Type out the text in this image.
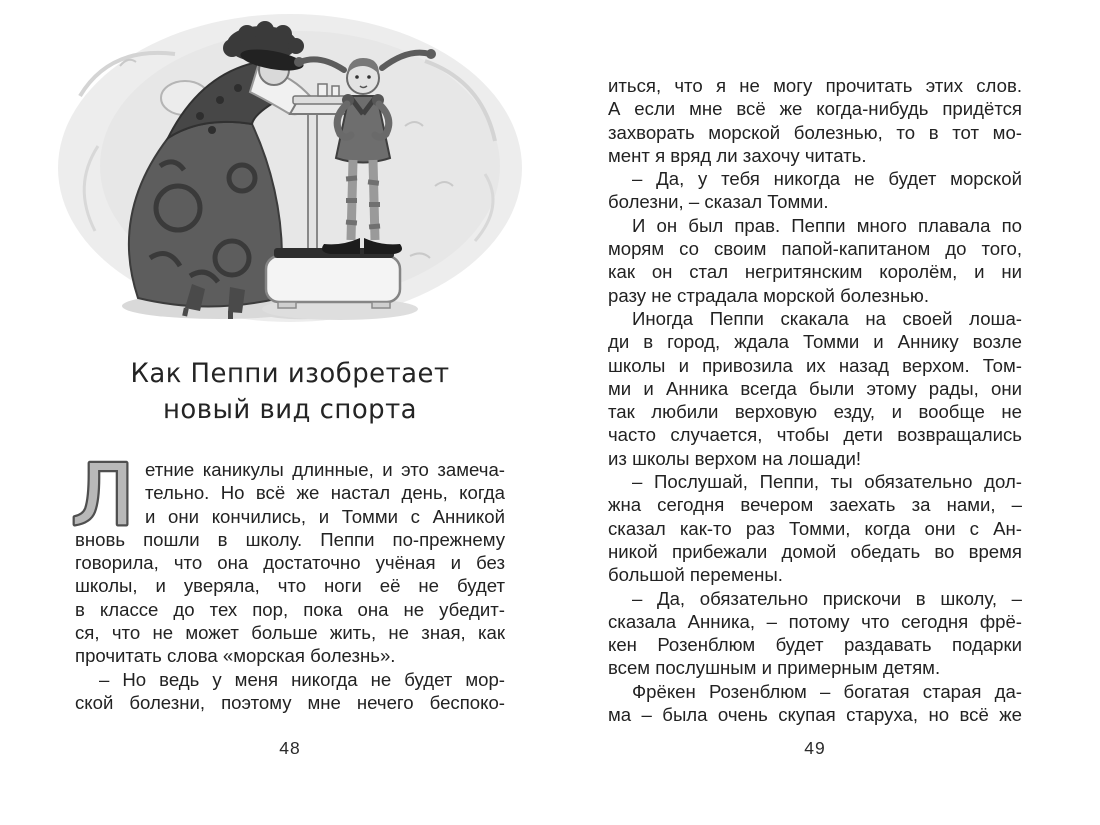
Как Пеппи изобретает
новый вид спорта
Л етние каникулы длинные, и это замеча-
тельно. Но всё же настал день, когда
и они кончились, и Томми с Анникой
вновь пошли в школу. Пеппи по-прежнему
говорила, что она достаточно учёная и без
школы, и уверяла, что ноги её не будет
в классе до тех пор, пока она не убедит-
ся, что не может больше жить, не зная, как
прочитать слова «морская болезнь».
– Но ведь у меня никогда не будет мор-
ской болезни, поэтому мне нечего беспоко-
48
иться, что я не могу прочитать этих слов.
А если мне всё же когда-нибудь придётся
захворать морской болезнью, то в тот мо-
мент я вряд ли захочу читать.
– Да, у тебя никогда не будет морской
болезни, – сказал Томми.
И он был прав. Пеппи много плавала по
морям со своим папой-капитаном до того,
как он стал негритянским королём, и ни
разу не страдала морской болезнью.
Иногда Пеппи скакала на своей лоша-
ди в город, ждала Томми и Аннику возле
школы и привозила их назад верхом. Том-
ми и Анника всегда были этому рады, они
так любили верховую езду, и вообще не
часто случается, чтобы дети возвращались
из школы верхом на лошади!
– Послушай, Пеппи, ты обязательно дол-
жна сегодня вечером заехать за нами, –
сказал как-то раз Томми, когда они с Ан-
никой прибежали домой обедать во время
большой перемены.
– Да, обязательно прискочи в школу, –
сказала Анника, – потому что сегодня фрё-
кен Розенблюм будет раздавать подарки
всем послушным и примерным детям.
Фрёкен Розенблюм – богатая старая да-
ма – была очень скупая старуха, но всё же
49
